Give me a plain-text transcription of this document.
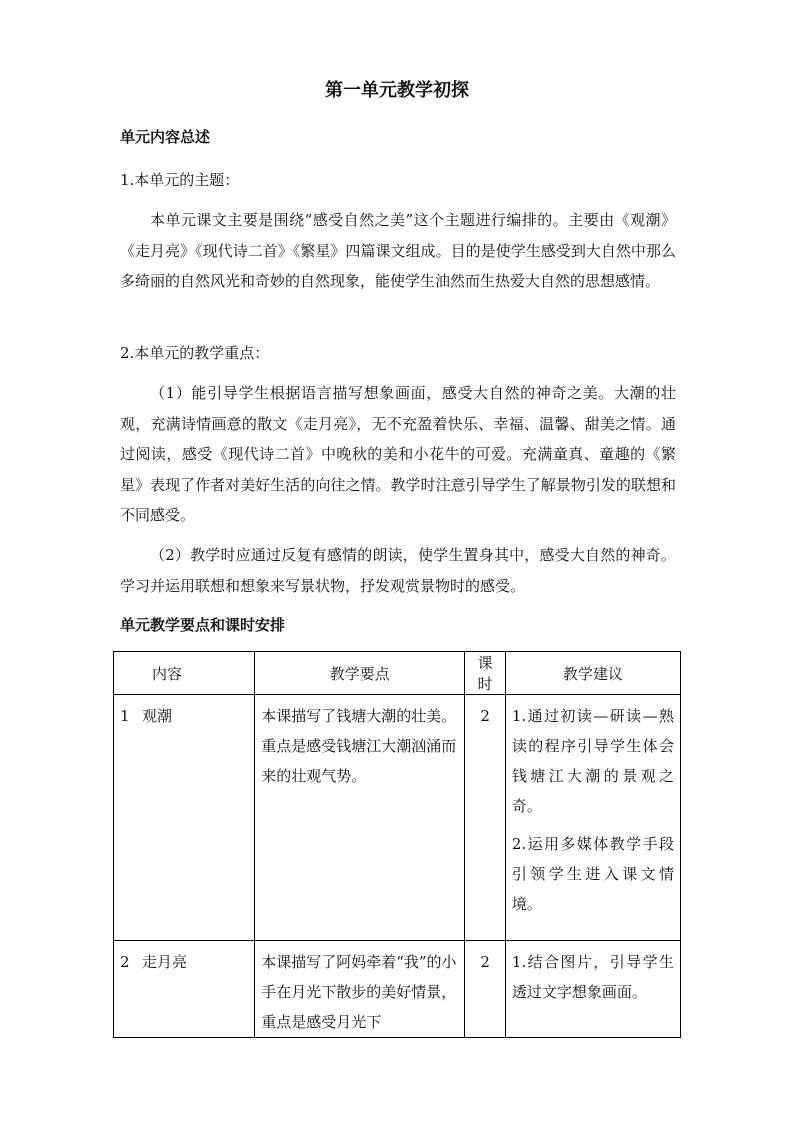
第一单元教学初探
单元内容总述
1.本单元的主题：
本单元课文主要是围绕“感受自然之美”这个主题进行编排的。主要由《观潮》《走月亮》《现代诗二首》《繁星》四篇课文组成。目的是使学生感受到大自然中那么多绮丽的自然风光和奇妙的自然现象，能使学生油然而生热爱大自然的思想感情。
2.本单元的教学重点：
（1）能引导学生根据语言描写想象画面，感受大自然的神奇之美。大潮的壮观，充满诗情画意的散文《走月亮》，无不充盈着快乐、幸福、温馨、甜美之情。通过阅读，感受《现代诗二首》中晚秋的美和小花牛的可爱。充满童真、童趣的《繁星》表现了作者对美好生活的向往之情。教学时注意引导学生了解景物引发的联想和不同感受。
（2）教学时应通过反复有感情的朗读，使学生置身其中，感受大自然的神奇。学习并运用联想和想象来写景状物，抒发观赏景物时的感受。
单元教学要点和课时安排
内容	教学要点	课时	教学建议

1 观潮	本课描写了钱塘大潮的壮美。重点是感受钱塘江大潮汹涌而来的壮观气势。	2	1.通过初读—研读—熟读的程序引导学生体会钱塘江大潮的景观之奇。
2.运用多媒体教学手段引领学生进入课文情境。

2 走月亮	本课描写了阿妈牵着“我”的小手在月光下散步的美好情景，重点是感受月光下	2	1.结合图片，引导学生透过文字想象画面。
